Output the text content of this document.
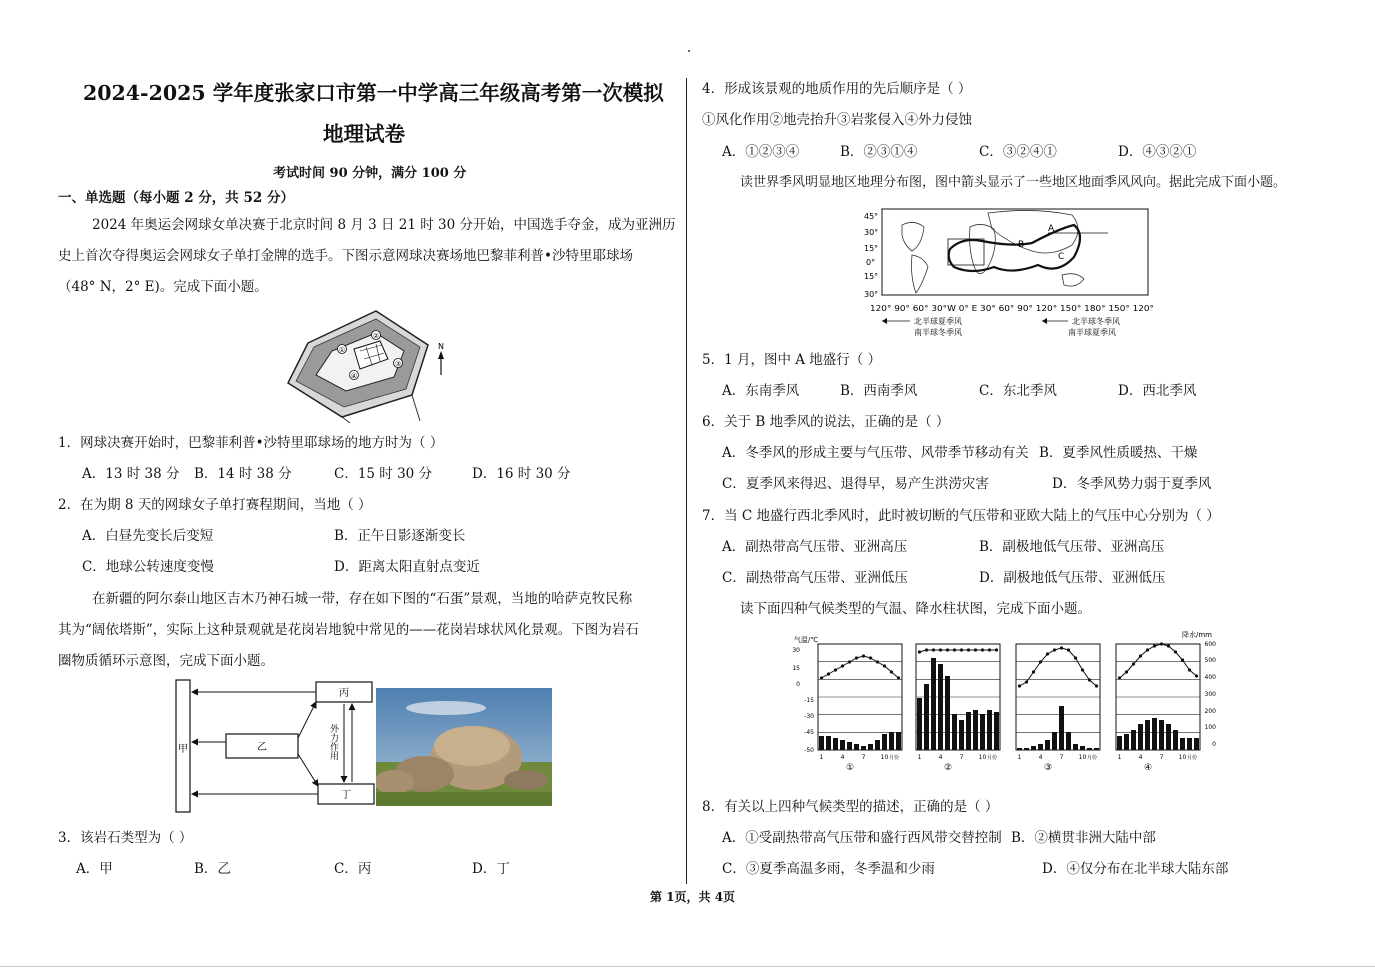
2024-2025 学年度张家口市第一中学高三年级高考第一次模拟
地理试卷
考试时间 90 分钟，满分 100 分
一、单选题（每小题 2 分，共 52 分）
2024 年奥运会网球女单决赛于北京时间 8 月 3 日 21 时 30 分开始，中国选手夺金，成为亚洲历
史上首次夺得奥运会网球女子单打金牌的选手。下图示意网球决赛场地巴黎菲利普•沙特里耶球场
（48° N，2° E)。完成下面小题。
①
②
③
④
N
1．网球决赛开始时，巴黎菲利普•沙特里耶球场的地方时为（ ）
A．13 时 38 分 B．14 时 38 分	C．15 时 30 分	D．16 时 30 分
2．在为期 8 天的网球女子单打赛程期间，当地（ ）
A．白昼先变长后变短	B．正午日影逐渐变长
C．地球公转速度变慢	D．距离太阳直射点变近
在新疆的阿尔泰山地区吉木乃神石城一带，存在如下图的“石蛋”景观，当地的哈萨克牧民称
其为“阔依塔斯”，实际上这种景观就是花岗岩地貌中常见的——花岗岩球状风化景观。下图为岩石
圈物质循环示意图，完成下面小题。
甲
丙
乙
丁
外力作用
3．该岩石类型为（ ）
A．甲	B．乙	C．丙	D．丁
4．形成该景观的地质作用的先后顺序是（ ）
①风化作用②地壳抬升③岩浆侵入④外力侵蚀
A．①②③④	B．②③①④	C．③②④①	D．④③②①
读世界季风明显地区地理分布图，图中箭头显示了一些地区地面季风风向。据此完成下面小题。
45°
30°
15°
0°
15°
30°
A
B
C
120° 90° 60° 30°W 0° E 30° 60° 90° 120° 150° 180° 150° 120°
北半球夏季风
南半球冬季风
北半球冬季风
南半球夏季风
5．1 月，图中 A 地盛行（ ）
A．东南季风	B．西南季风	C．东北季风	D．西北季风
6．关于 B 地季风的说法，正确的是（ ）
A．冬季风的形成主要与气压带、风带季节移动有关 B．夏季风性质暖热、干燥
C．夏季风来得迟、退得早，易产生洪涝灾害	D．冬季风势力弱于夏季风
7．当 C 地盛行西北季风时，此时被切断的气压带和亚欧大陆上的气压中心分别为（ ）
A．副热带高气压带、亚洲高压	B．副极地低气压带、亚洲高压
C．副热带高气压带、亚洲低压	D．副极地低气压带、亚洲低压
读下面四种气候类型的气温、降水柱状图，完成下面小题。
气温/℃
降水/mm
30
15
0
-15
-30
-45
-50
600
500
400
300
200
100
0
1	4	7	10 月份
①
1	4	7	10 月份
②
1	4	7	10 月份
③
1	4	7	10 月份
④
8．有关以上四种气候类型的描述，正确的是（ ）
A．①受副热带高气压带和盛行西风带交替控制 B．②横贯非洲大陆中部
C．③夏季高温多雨，冬季温和少雨	D．④仅分布在北半球大陆东部
第 1页，共 4页
